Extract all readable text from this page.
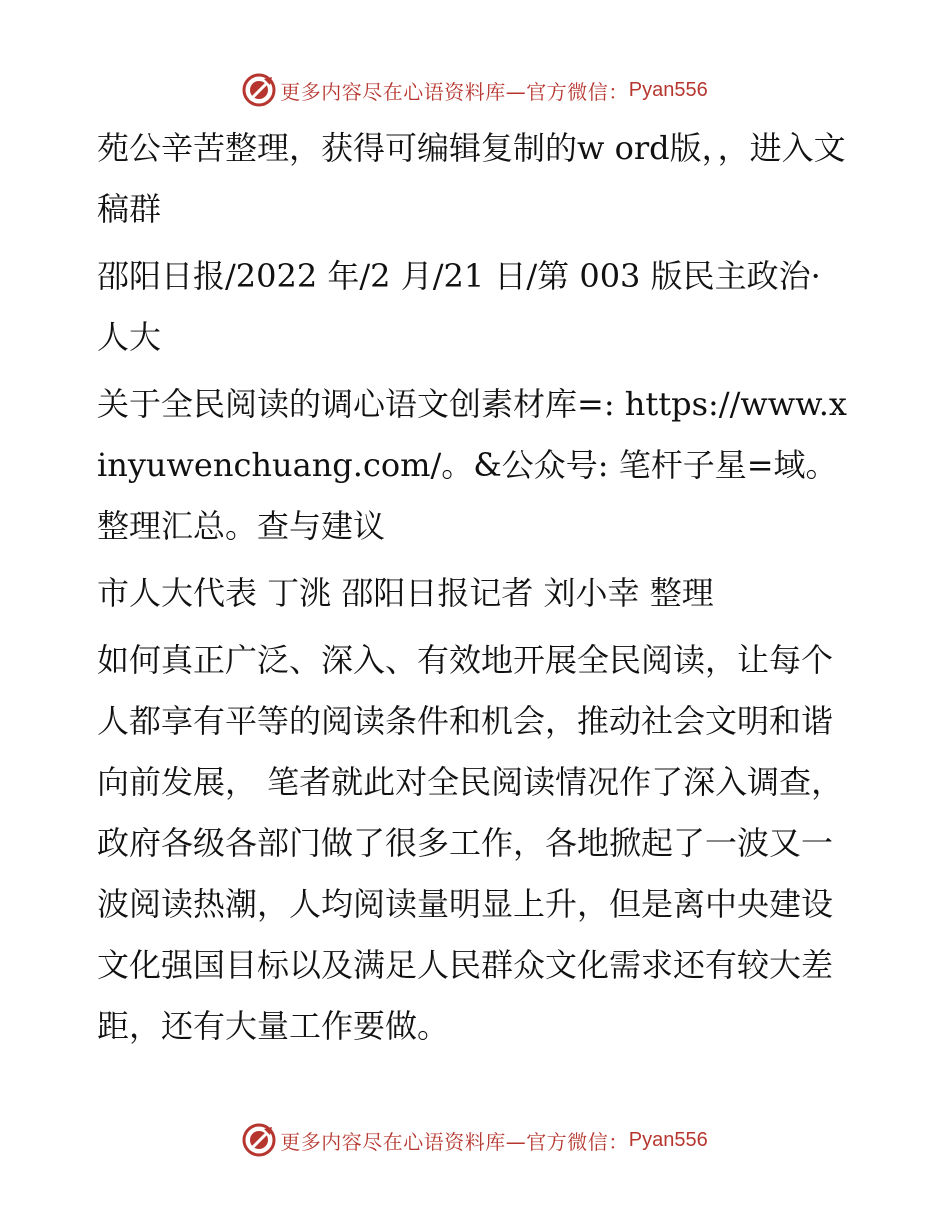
更多内容尽在心语资料库—官方微信： Pyan556

苑公辛苦整理，获得可编辑复制的w ord版，，进入文稿群

邵阳日报/2022 年/2 月/21 日/第 003 版民主政治· 人大

关于全民阅读的调心语文创素材库=: https://www.xinyuwenchuang.com/。&公众号: 笔杆子星=域。整理汇总。查与建议

市人大代表 丁洮 邵阳日报记者 刘小幸 整理

如何真正广泛、深入、有效地开展全民阅读，让每个人都享有平等的阅读条件和机会，推动社会文明和谐向前发展， 笔者就此对全民阅读情况作了深入调查， 政府各级各部门做了很多工作，各地掀起了一波又一波阅读热潮，人均阅读量明显上升，但是离中央建设文化强国目标以及满足人民群众文化需求还有较大差距，还有大量工作要做。

更多内容尽在心语资料库—官方微信： Pyan556
